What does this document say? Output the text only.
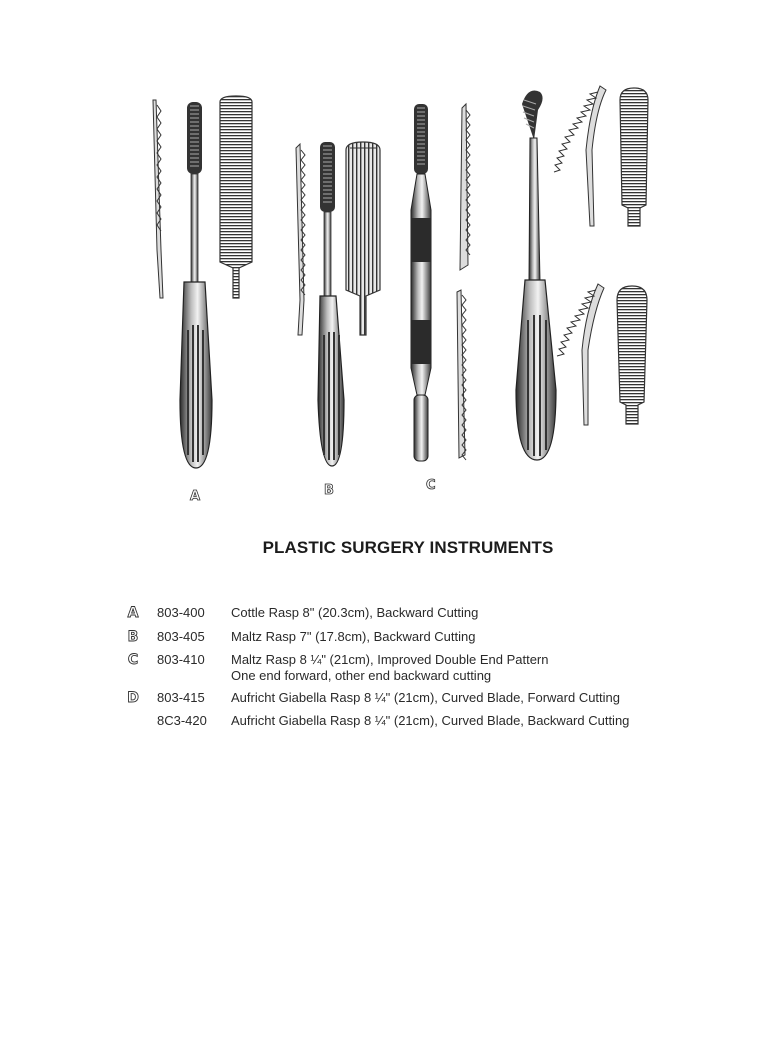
A	B	C
PLASTIC SURGERY INSTRUMENTS
A 803-400 Cottle Rasp 8" (20.3cm), Backward Cutting
B 803-405 Maltz Rasp 7" (17.8cm), Backward Cutting
C 803-410 Maltz Rasp 8 ¼" (21cm), Improved Double End Pattern
One end forward, other end backward cutting
D 803-415 Aufricht Giabella Rasp 8 ¼" (21cm), Curved Blade, Forward Cutting
8C3-420 Aufricht Giabella Rasp 8 ¼" (21cm), Curved Blade, Backward Cutting
